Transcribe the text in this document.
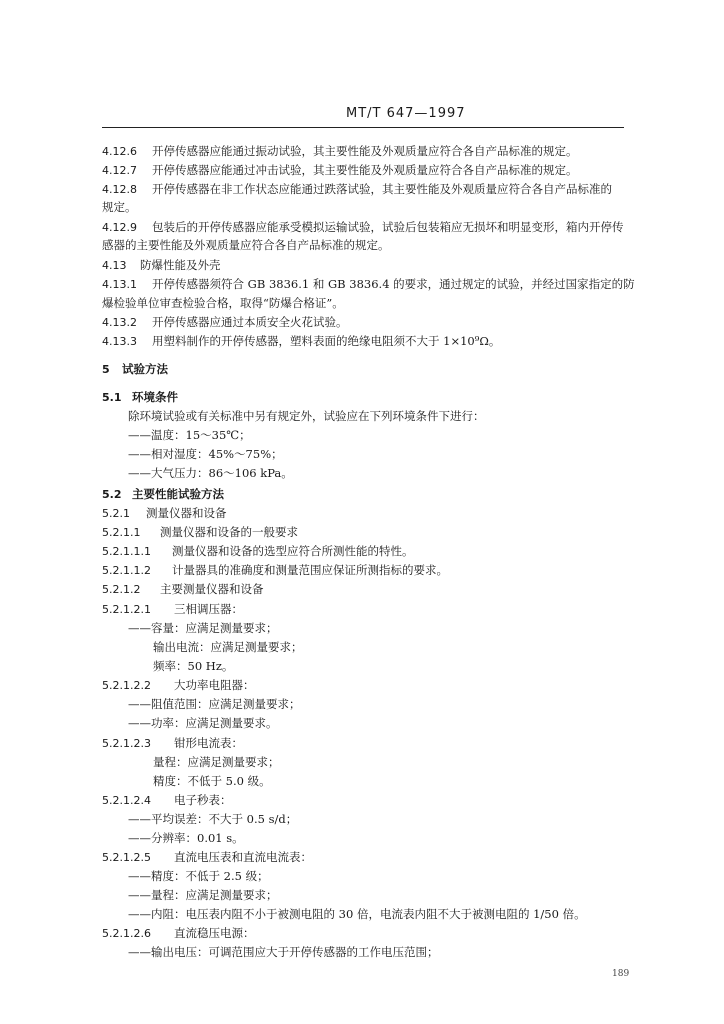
MT/T 647—1997
4.12.6 开停传感器应能通过振动试验，其主要性能及外观质量应符合各自产品标准的规定。
4.12.7 开停传感器应能通过冲击试验，其主要性能及外观质量应符合各自产品标准的规定。
4.12.8 开停传感器在非工作状态应能通过跌落试验，其主要性能及外观质量应符合各自产品标准的
规定。
4.12.9 包装后的开停传感器应能承受模拟运输试验，试验后包装箱应无损坏和明显变形，箱内开停传
感器的主要性能及外观质量应符合各自产品标准的规定。
4.13 防爆性能及外壳
4.13.1 开停传感器须符合 GB 3836.1 和 GB 3836.4 的要求，通过规定的试验，并经过国家指定的防
爆检验单位审查检验合格，取得“防爆合格证”。
4.13.2 开停传感器应通过本质安全火花试验。
4.13.3 用塑料制作的开停传感器，塑料表面的绝缘电阻须不大于 1×10⁹Ω。
5 试验方法
5.1 环境条件
除环境试验或有关标准中另有规定外，试验应在下列环境条件下进行：
——温度：15～35℃；
——相对湿度：45%～75%；
——大气压力：86～106 kPa。
5.2 主要性能试验方法
5.2.1 测量仪器和设备
5.2.1.1 测量仪器和设备的一般要求
5.2.1.1.1 测量仪器和设备的选型应符合所测性能的特性。
5.2.1.1.2 计量器具的准确度和测量范围应保证所测指标的要求。
5.2.1.2 主要测量仪器和设备
5.2.1.2.1 三相调压器：
——容量：应满足测量要求；
输出电流：应满足测量要求；
频率：50 Hz。
5.2.1.2.2 大功率电阻器：
——阻值范围：应满足测量要求；
——功率：应满足测量要求。
5.2.1.2.3 钳形电流表：
量程：应满足测量要求；
精度：不低于 5.0 级。
5.2.1.2.4 电子秒表：
——平均误差：不大于 0.5 s/d；
——分辨率：0.01 s。
5.2.1.2.5 直流电压表和直流电流表：
——精度：不低于 2.5 级；
——量程：应满足测量要求；
——内阻：电压表内阻不小于被测电阻的 30 倍，电流表内阻不大于被测电阻的 1/50 倍。
5.2.1.2.6 直流稳压电源：
——输出电压：可调范围应大于开停传感器的工作电压范围；
189
